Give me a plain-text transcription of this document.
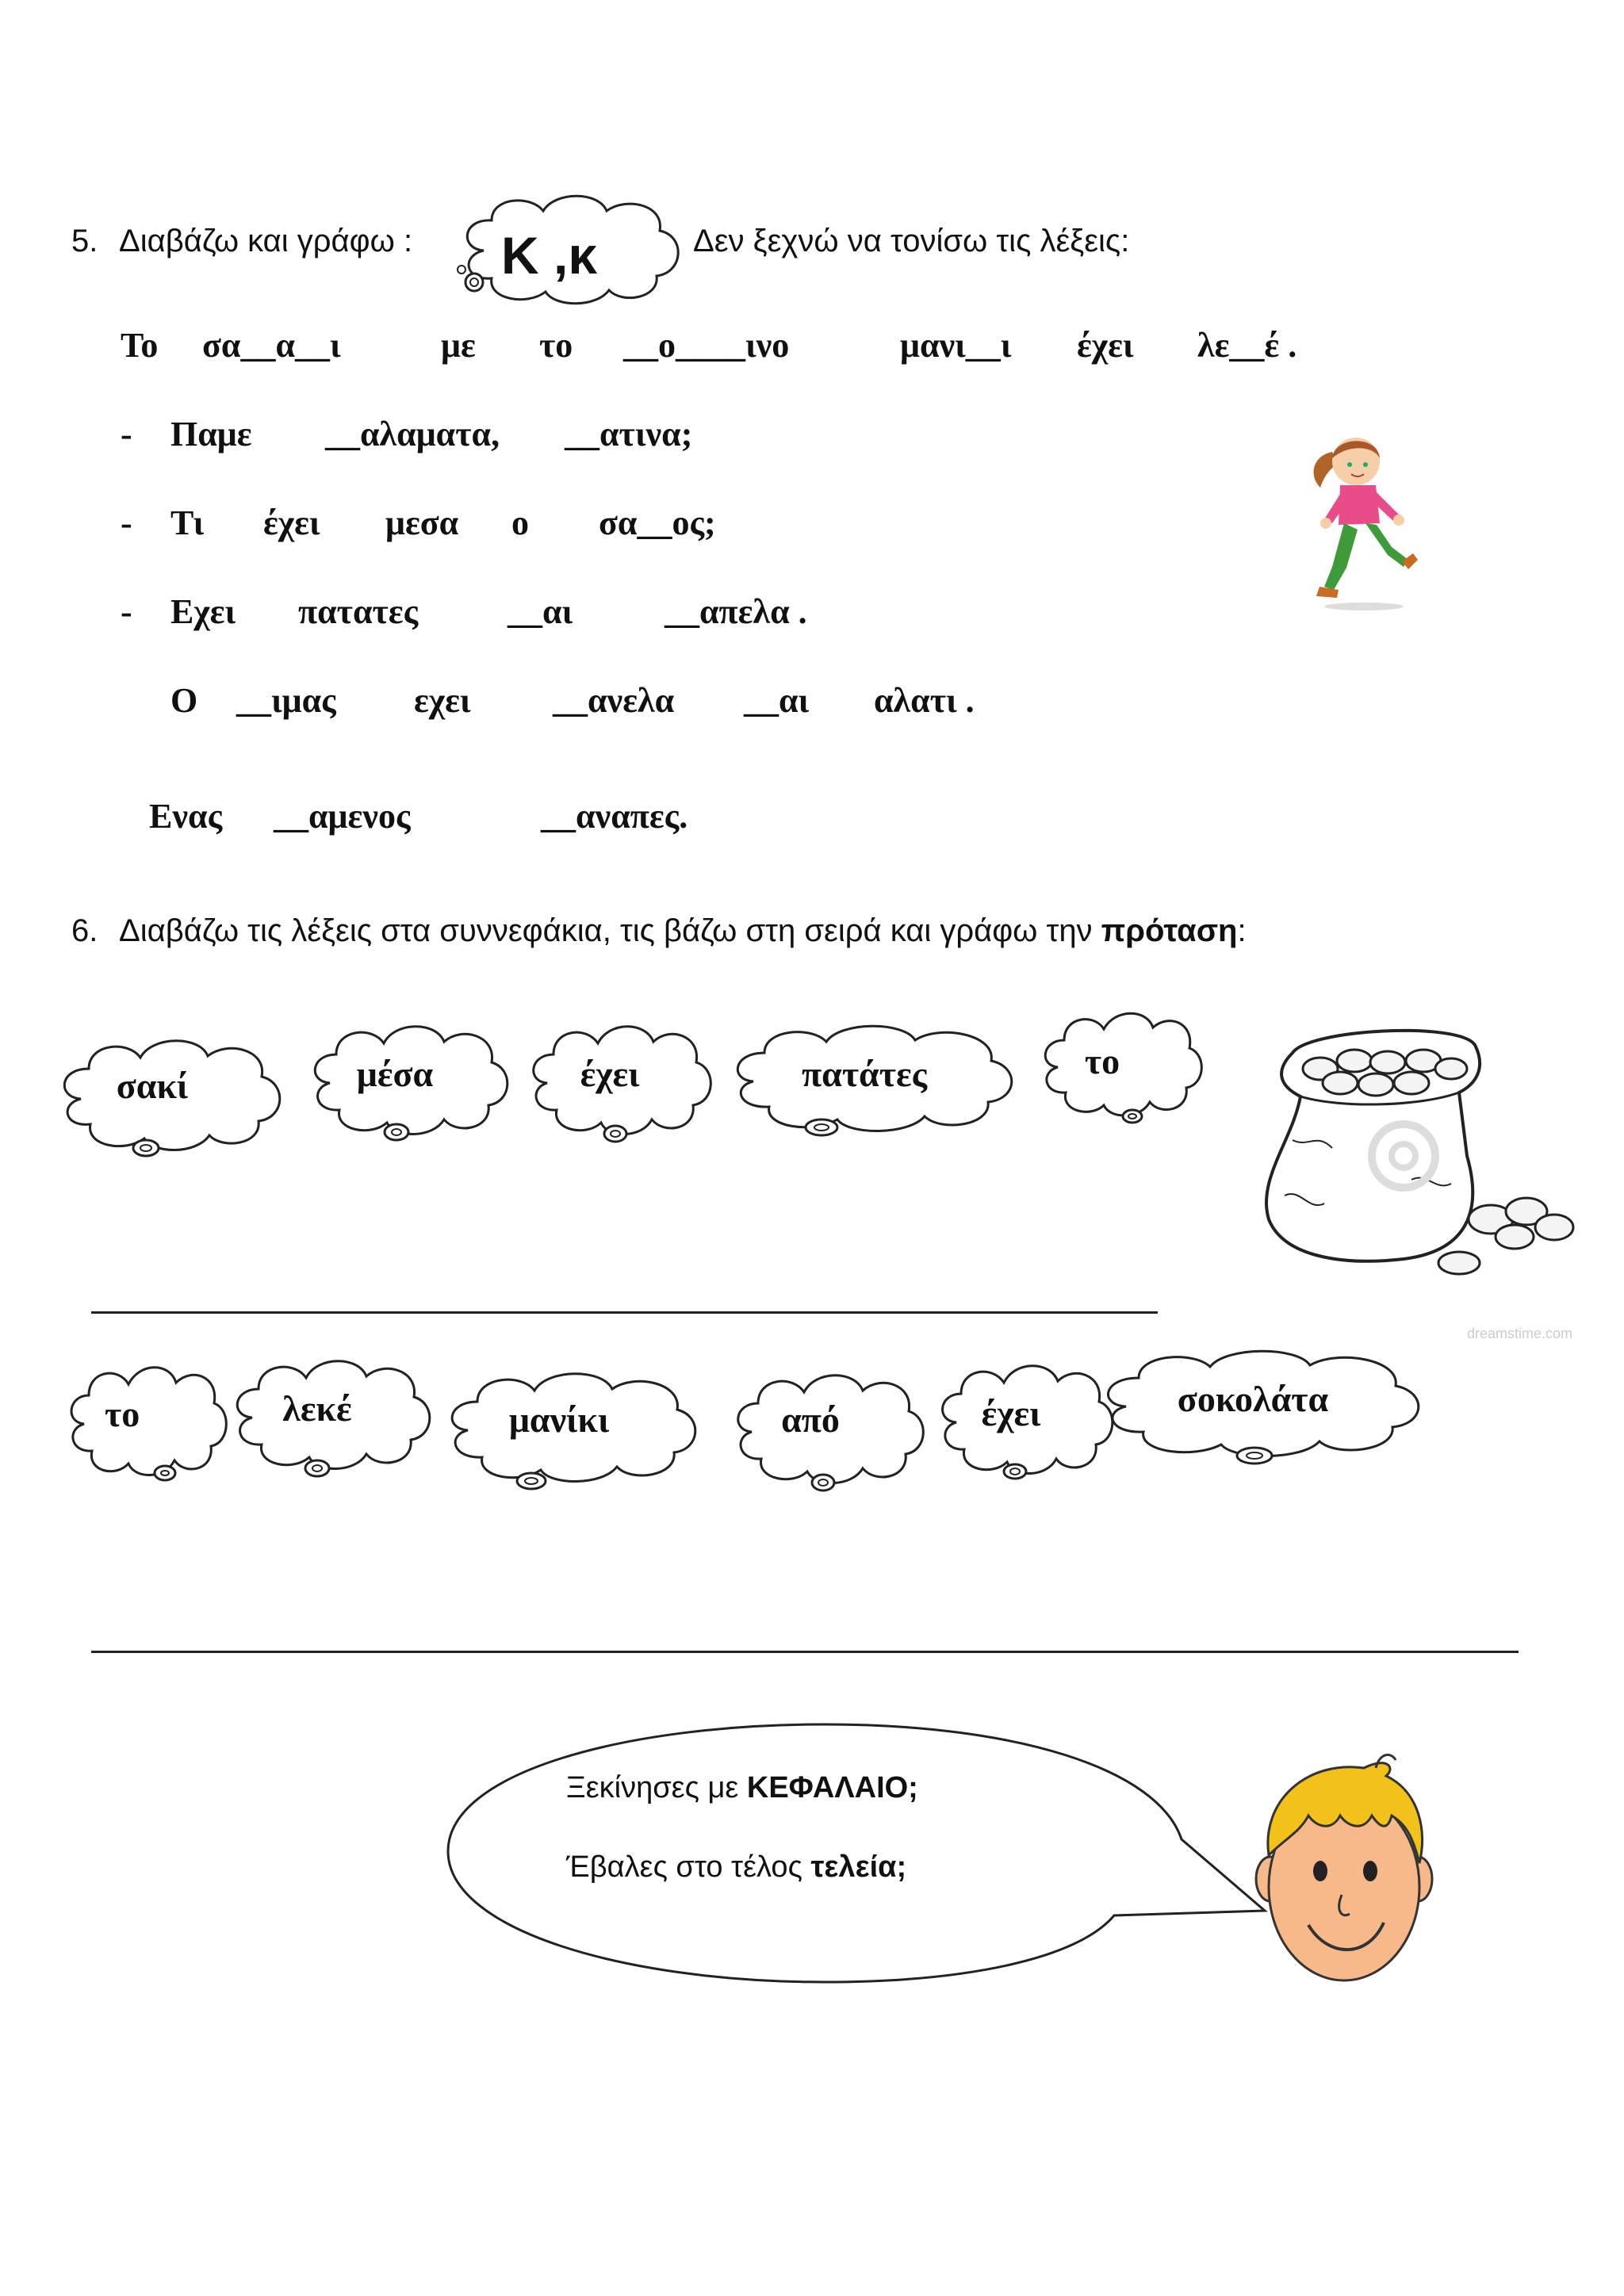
5. Διαβάζω και γράφω : Κ ,κ	Δεν ξεχνώ να τονίσω τις λέξεις:
Το σα__α__ι	με το __ο____ινο	μανι__ι έχει λε__έ .
- Παμε __αλαματα, __ατινα;
- Τι έχει μεσα ο σα__ος;
- Εχει πατατες	__αι	__απελα .
Ο __ιμας εχει __ανελα __αι αλατι .
Ενας __αμενος	__αναπες.
6. Διαβάζω τις λέξεις στα συννεφάκια, τις βάζω στη σειρά και γράφω την πρόταση:
σακί	μέσα	έχει	πατάτες	το
dreamstime.com
το	λεκέ	μανίκι	από	έχει	σοκολάτα
Ξεκίνησες με ΚΕΦΑΛΑΙΟ;
Έβαλες στο τέλος τελεία;
